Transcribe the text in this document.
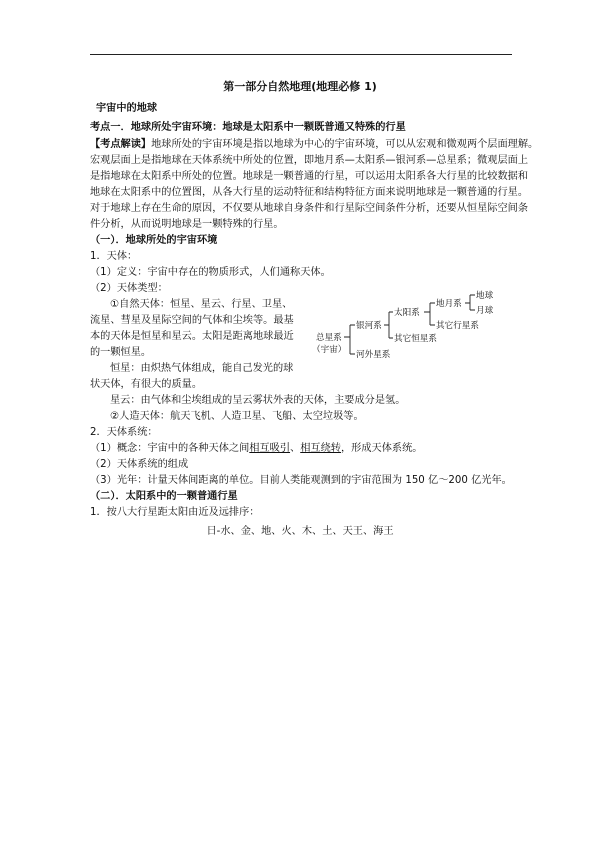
第一部分自然地理(地理必修 1)
宇宙中的地球
考点一．地球所处宇宙环境：地球是太阳系中一颗既普通又特殊的行星
【考点解读】地球所处的宇宙环境是指以地球为中心的宇宙环境，可以从宏观和微观两个层面理解。
宏观层面上是指地球在天体系统中所处的位置，即地月系—太阳系—银河系—总星系；微观层面上
是指地球在太阳系中所处的位置。地球是一颗普通的行星，可以运用太阳系各大行星的比较数据和
地球在太阳系中的位置图，从各大行星的运动特征和结构特征方面来说明地球是一颗普通的行星。
对于地球上存在生命的原因，不仅要从地球自身条件和行星际空间条件分析，还要从恒星际空间条
件分析，从而说明地球是一颗特殊的行星。
（一）．地球所处的宇宙环境
1．天体：
（1）定义：宇宙中存在的物质形式，人们通称天体。
（2）天体类型：
①自然天体：恒星、星云、行星、卫星、
流星、彗星及星际空间的气体和尘埃等。最基
本的天体是恒星和星云。太阳是距离地球最近
的一颗恒星。
恒星：由炽热气体组成，能自己发光的球
状天体，有很大的质量。
星云：由气体和尘埃组成的呈云雾状外表的天体，主要成分是氢。
②人造天体：航天飞机、人造卫星、飞船、太空垃圾等。
2．天体系统：
（1）概念：宇宙中的各种天体之间相互吸引、相互绕转，形成天体系统。
（2）天体系统的组成
（3）光年：计量天体间距离的单位。目前人类能观测到的宇宙范围为 150 亿～200 亿光年。
（二）．太阳系中的一颗普通行星
1．按八大行星距太阳由近及远排序：
日-水、金、地、火、木、土、天王、海王
总星系
（宇宙）
银河系
河外星系
太阳系
其它恒星系
地月系
其它行星系
地球
月球
